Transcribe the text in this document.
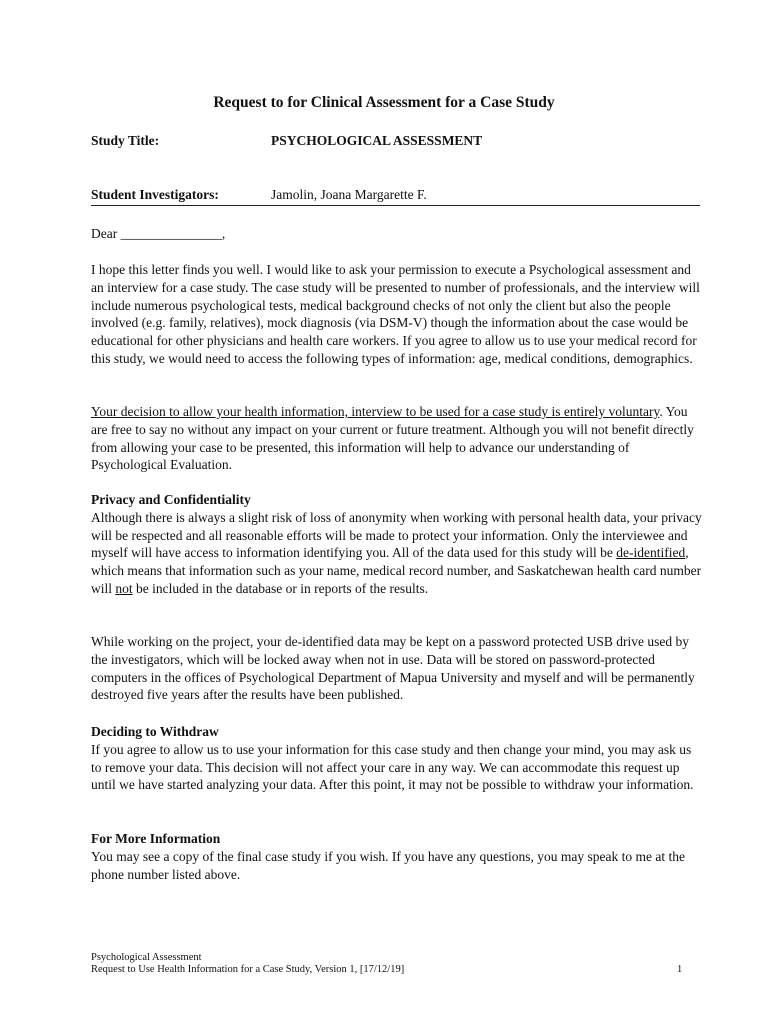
Request to for Clinical Assessment for a Case Study
Study Title:	PSYCHOLOGICAL ASSESSMENT
Student Investigators:	Jamolin, Joana Margarette F.
Dear _______________,

I hope this letter finds you well. I would like to ask your permission to execute a Psychological assessment and an interview for a case study. The case study will be presented to number of professionals, and the interview will include numerous psychological tests, medical background checks of not only the client but also the people involved (e.g. family, relatives), mock diagnosis (via DSM-V) though the information about the case would be educational for other physicians and health care workers. If you agree to allow us to use your medical record for this study, we would need to access the following types of information: age, medical conditions, demographics.

Your decision to allow your health information, interview to be used for a case study is entirely voluntary. You are free to say no without any impact on your current or future treatment. Although you will not benefit directly from allowing your case to be presented, this information will help to advance our understanding of Psychological Evaluation.

Privacy and Confidentiality

Although there is always a slight risk of loss of anonymity when working with personal health data, your privacy will be respected and all reasonable efforts will be made to protect your information. Only the interviewee and myself will have access to information identifying you. All of the data used for this study will be de-identified, which means that information such as your name, medical record number, and Saskatchewan health card number will not be included in the database or in reports of the results.

While working on the project, your de-identified data may be kept on a password protected USB drive used by the investigators, which will be locked away when not in use. Data will be stored on password-protected computers in the offices of Psychological Department of Mapua University and myself and will be permanently destroyed five years after the results have been published.

Deciding to Withdraw

If you agree to allow us to use your information for this case study and then change your mind, you may ask us to remove your data. This decision will not affect your care in any way. We can accommodate this request up until we have started analyzing your data. After this point, it may not be possible to withdraw your information.

For More Information

You may see a copy of the final case study if you wish. If you have any questions, you may speak to me at the phone number listed above.

Psychological Assessment
Request to Use Health Information for a Case Study, Version 1, [17/12/19]	1
